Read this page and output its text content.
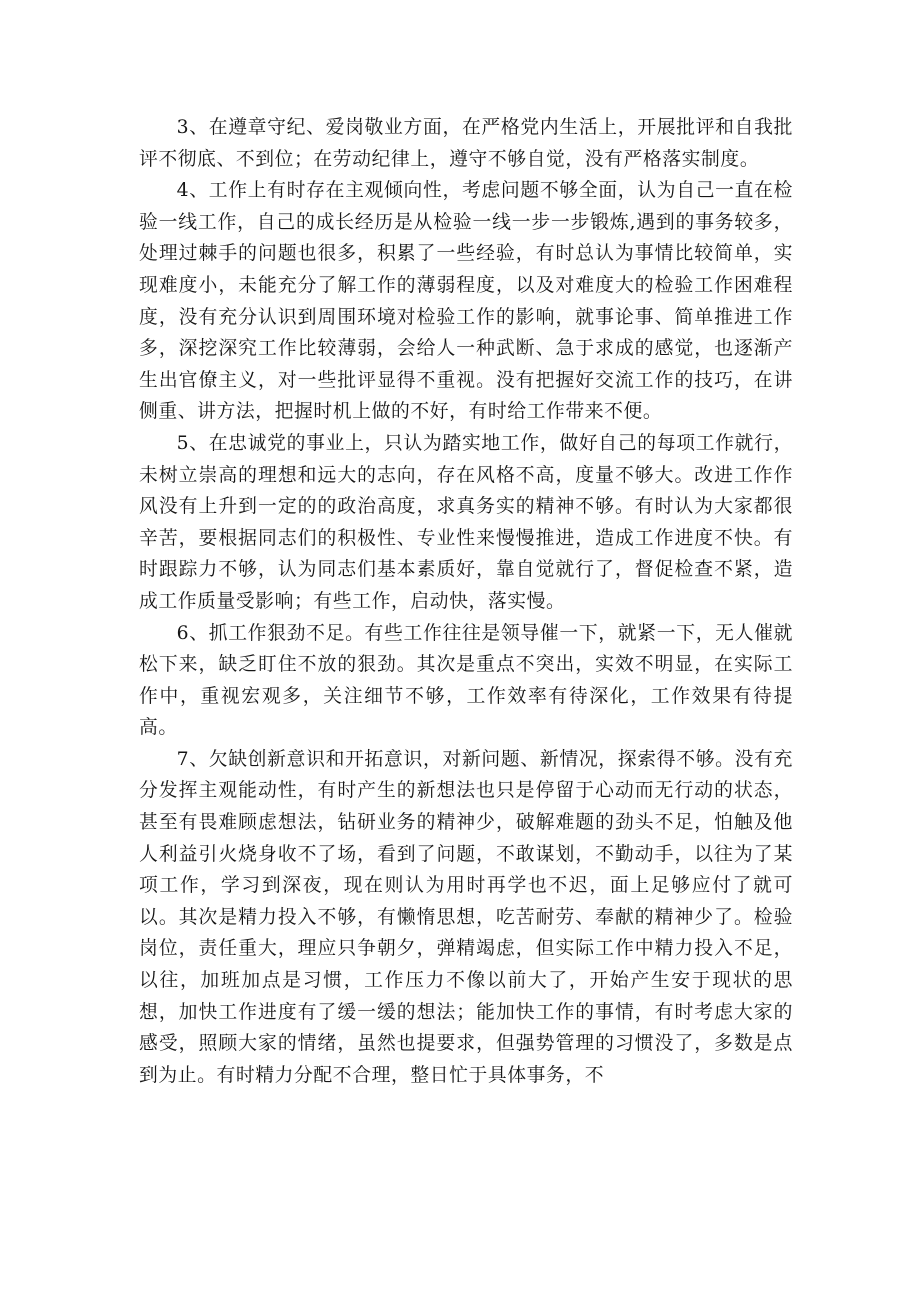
3、在遵章守纪、爱岗敬业方面，在严格党内生活上，开展批评和自我批评不彻底、不到位；在劳动纪律上，遵守不够自觉，没有严格落实制度。

4、工作上有时存在主观倾向性，考虑问题不够全面，认为自己一直在检验一线工作，自己的成长经历是从检验一线一步一步锻炼,遇到的事务较多，处理过棘手的问题也很多，积累了一些经验，有时总认为事情比较简单，实现难度小，未能充分了解工作的薄弱程度，以及对难度大的检验工作困难程度，没有充分认识到周围环境对检验工作的影响，就事论事、简单推进工作多，深挖深究工作比较薄弱，会给人一种武断、急于求成的感觉，也逐渐产生出官僚主义，对一些批评显得不重视。没有把握好交流工作的技巧，在讲侧重、讲方法，把握时机上做的不好，有时给工作带来不便。

5、在忠诚党的事业上，只认为踏实地工作，做好自己的每项工作就行，未树立崇高的理想和远大的志向，存在风格不高，度量不够大。改进工作作风没有上升到一定的的政治高度，求真务实的精神不够。有时认为大家都很辛苦，要根据同志们的积极性、专业性来慢慢推进，造成工作进度不快。有时跟踪力不够，认为同志们基本素质好，靠自觉就行了，督促检查不紧，造成工作质量受影响；有些工作，启动快，落实慢。

6、抓工作狠劲不足。有些工作往往是领导催一下，就紧一下，无人催就松下来，缺乏盯住不放的狠劲。其次是重点不突出，实效不明显，在实际工作中，重视宏观多，关注细节不够，工作效率有待深化，工作效果有待提高。

7、欠缺创新意识和开拓意识，对新问题、新情况，探索得不够。没有充分发挥主观能动性，有时产生的新想法也只是停留于心动而无行动的状态，甚至有畏难顾虑想法，钻研业务的精神少，破解难题的劲头不足，怕触及他人利益引火烧身收不了场，看到了问题，不敢谋划，不勤动手，以往为了某项工作，学习到深夜，现在则认为用时再学也不迟，面上足够应付了就可以。其次是精力投入不够，有懒惰思想，吃苦耐劳、奉献的精神少了。检验岗位，责任重大，理应只争朝夕，弹精竭虑，但实际工作中精力投入不足，以往，加班加点是习惯，工作压力不像以前大了，开始产生安于现状的思想，加快工作进度有了缓一缓的想法；能加快工作的事情，有时考虑大家的感受，照顾大家的情绪，虽然也提要求，但强势管理的习惯没了，多数是点到为止。有时精力分配不合理，整日忙于具体事务，不
